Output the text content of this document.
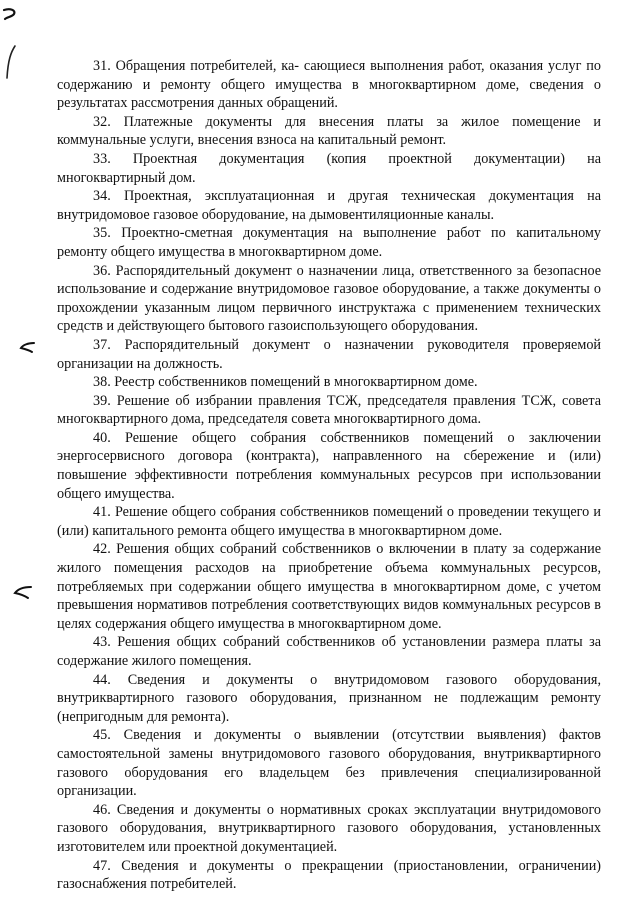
31. Обращения потребителей, ка- сающиеся выполнения работ, оказания услуг по содержанию и ремонту общего имущества в многоквартирном доме, сведения о результатах рассмотрения данных обращений.

32. Платежные документы для внесения платы за жилое помещение и коммунальные услуги, внесения взноса на капитальный ремонт.

33. Проектная документация (копия проектной документации) на многоквартирный дом.

34. Проектная, эксплуатационная и другая техническая документация на внутридомовое газовое оборудование, на дымовентиляционные каналы.

35. Проектно-сметная документация на выполнение работ по капитальному ремонту общего имущества в многоквартирном доме.

36. Распорядительный документ о назначении лица, ответственного за безопасное использование и содержание внутридомовое газовое оборудование, а также документы о прохождении указанным лицом первичного инструктажа с применением технических средств и действующего бытового газоиспользующего оборудования.

37. Распорядительный документ о назначении руководителя проверяемой организации на должность.

38. Реестр собственников помещений в многоквартирном доме.

39. Решение об избрании правления ТСЖ, председателя правления ТСЖ, совета многоквартирного дома, председателя совета многоквартирного дома.

40. Решение общего собрания собственников помещений о заключении энергосервисного договора (контракта), направленного на сбережение и (или) повышение эффективности потребления коммунальных ресурсов при использовании общего имущества.

41. Решение общего собрания собственников помещений о проведении текущего и (или) капитального ремонта общего имущества в многоквартирном доме.

42. Решения общих собраний собственников о включении в плату за содержание жилого помещения расходов на приобретение объема коммунальных ресурсов, потребляемых при содержании общего имущества в многоквартирном доме, с учетом превышения нормативов потребления соответствующих видов коммунальных ресурсов в целях содержания общего имущества в многоквартирном доме.

43. Решения общих собраний собственников об установлении размера платы за содержание жилого помещения.

44. Сведения и документы о внутридомовом газового оборудования, внутриквартирного газового оборудования, признанном не подлежащим ремонту (непригодным для ремонта).

45. Сведения и документы о выявлении (отсутствии выявления) фактов самостоятельной замены внутридомового газового оборудования, внутриквартирного газового оборудования его владельцем без привлечения специализированной организации.

46. Сведения и документы о нормативных сроках эксплуатации внутридомового газового оборудования, внутриквартирного газового оборудования, установленных изготовителем или проектной документацией.

47. Сведения и документы о прекращении (приостановлении, ограничении) газоснабжения потребителей.
